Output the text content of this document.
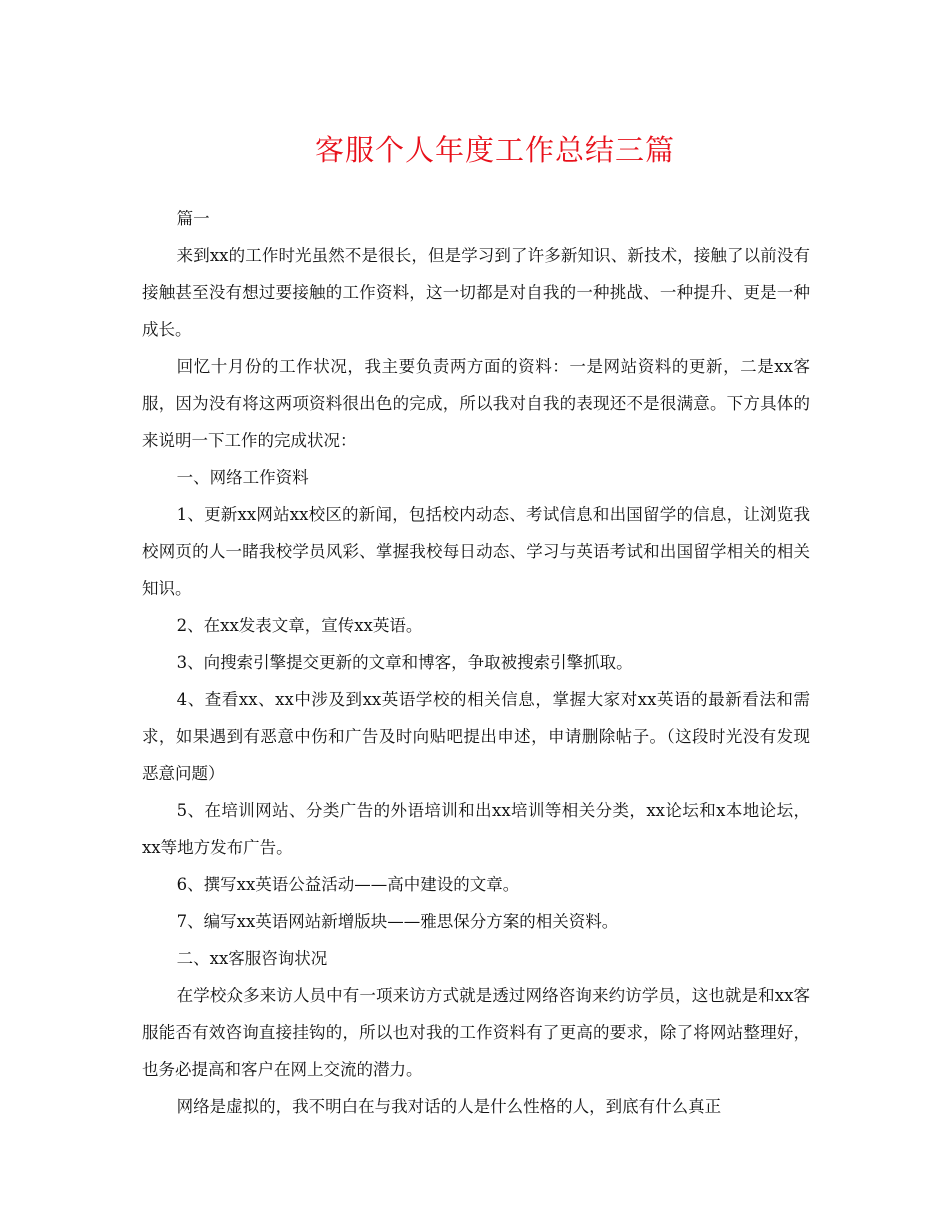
客服个人年度工作总结三篇

篇一

来到xx的工作时光虽然不是很长，但是学习到了许多新知识、新技术，接触了以前没有接触甚至没有想过要接触的工作资料，这一切都是对自我的一种挑战、一种提升、更是一种成长。

回忆十月份的工作状况，我主要负责两方面的资料：一是网站资料的更新，二是xx客服，因为没有将这两项资料很出色的完成，所以我对自我的表现还不是很满意。下方具体的来说明一下工作的完成状况：

一、网络工作资料

1、更新xx网站xx校区的新闻，包括校内动态、考试信息和出国留学的信息，让浏览我校网页的人一睹我校学员风彩、掌握我校每日动态、学习与英语考试和出国留学相关的相关知识。

2、在xx发表文章，宣传xx英语。

3、向搜索引擎提交更新的文章和博客，争取被搜索引擎抓取。

4、查看xx、xx中涉及到xx英语学校的相关信息，掌握大家对xx英语的最新看法和需求，如果遇到有恶意中伤和广告及时向贴吧提出申述，申请删除帖子。（这段时光没有发现恶意问题）

5、在培训网站、分类广告的外语培训和出xx培训等相关分类，xx论坛和x本地论坛，xx等地方发布广告。

6、撰写xx英语公益活动——高中建设的文章。

7、编写xx英语网站新增版块——雅思保分方案的相关资料。

二、xx客服咨询状况

在学校众多来访人员中有一项来访方式就是透过网络咨询来约访学员，这也就是和xx客服能否有效咨询直接挂钩的，所以也对我的工作资料有了更高的要求，除了将网站整理好，也务必提高和客户在网上交流的潜力。

网络是虚拟的，我不明白在与我对话的人是什么性格的人，到底有什么真正
